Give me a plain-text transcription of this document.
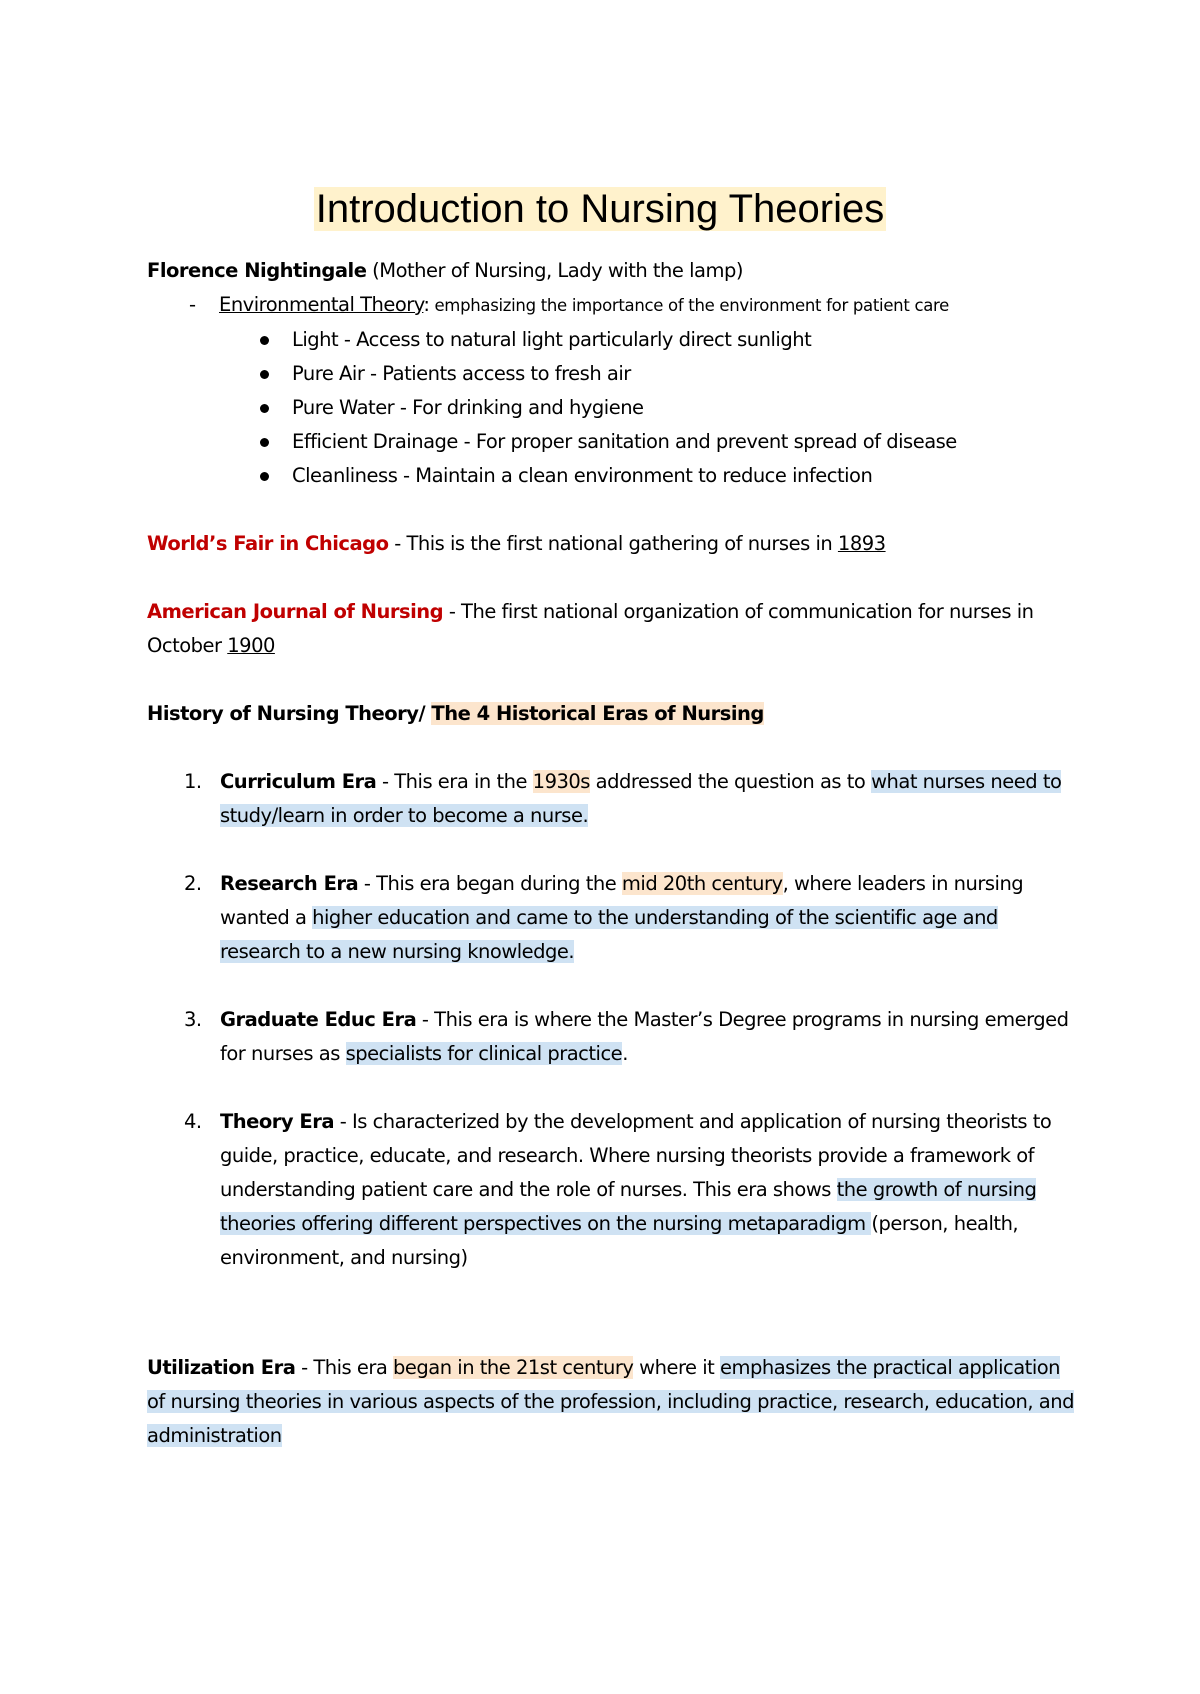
Introduction to Nursing Theories

Florence Nightingale (Mother of Nursing, Lady with the lamp)

- Environmental Theory: emphasizing the importance of the environment for patient care

Light - Access to natural light particularly direct sunlight
Pure Air - Patients access to fresh air
Pure Water - For drinking and hygiene
Efficient Drainage - For proper sanitation and prevent spread of disease
Cleanliness - Maintain a clean environment to reduce infection

World’s Fair in Chicago - This is the first national gathering of nurses in 1893

American Journal of Nursing - The first national organization of communication for nurses in October 1900

History of Nursing Theory/ The 4 Historical Eras of Nursing

1. Curriculum Era - This era in the 1930s addressed the question as to what nurses need to study/learn in order to become a nurse.

2. Research Era - This era began during the mid 20th century, where leaders in nursing wanted a higher education and came to the understanding of the scientific age and research to a new nursing knowledge.

3. Graduate Educ Era - This era is where the Master’s Degree programs in nursing emerged for nurses as specialists for clinical practice.

4. Theory Era - Is characterized by the development and application of nursing theorists to guide, practice, educate, and research. Where nursing theorists provide a framework of understanding patient care and the role of nurses. This era shows the growth of nursing theories offering different perspectives on the nursing metaparadigm (person, health, environment, and nursing)

Utilization Era - This era began in the 21st century where it emphasizes the practical application of nursing theories in various aspects of the profession, including practice, research, education, and administration
